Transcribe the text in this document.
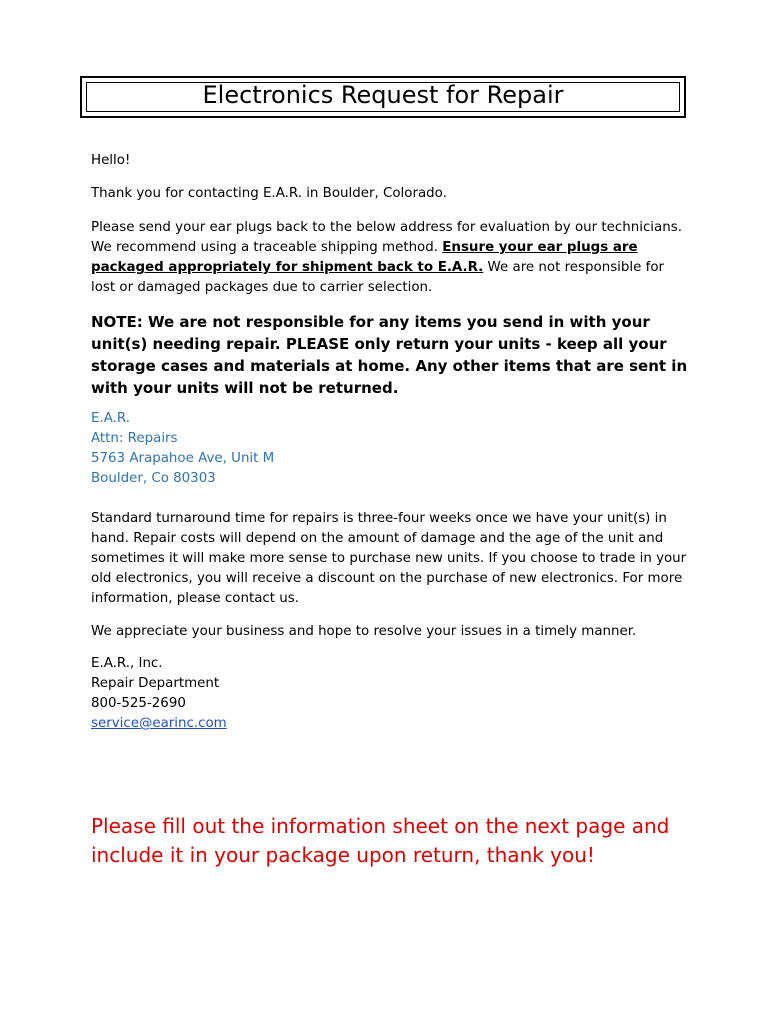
Electronics Request for Repair
Hello!
Thank you for contacting E.A.R. in Boulder, Colorado.
Please send your ear plugs back to the below address for evaluation by our technicians. We recommend using a traceable shipping method. Ensure your ear plugs are packaged appropriately for shipment back to E.A.R. We are not responsible for lost or damaged packages due to carrier selection.
NOTE: We are not responsible for any items you send in with your unit(s) needing repair. PLEASE only return your units - keep all your storage cases and materials at home. Any other items that are sent in with your units will not be returned.
E.A.R.
Attn: Repairs
5763 Arapahoe Ave, Unit M
Boulder, Co 80303
Standard turnaround time for repairs is three-four weeks once we have your unit(s) in hand. Repair costs will depend on the amount of damage and the age of the unit and sometimes it will make more sense to purchase new units. If you choose to trade in your old electronics, you will receive a discount on the purchase of new electronics. For more information, please contact us.
We appreciate your business and hope to resolve your issues in a timely manner.
E.A.R., Inc.
Repair Department
800-525-2690
service@earinc.com
Please fill out the information sheet on the next page and include it in your package upon return, thank you!
